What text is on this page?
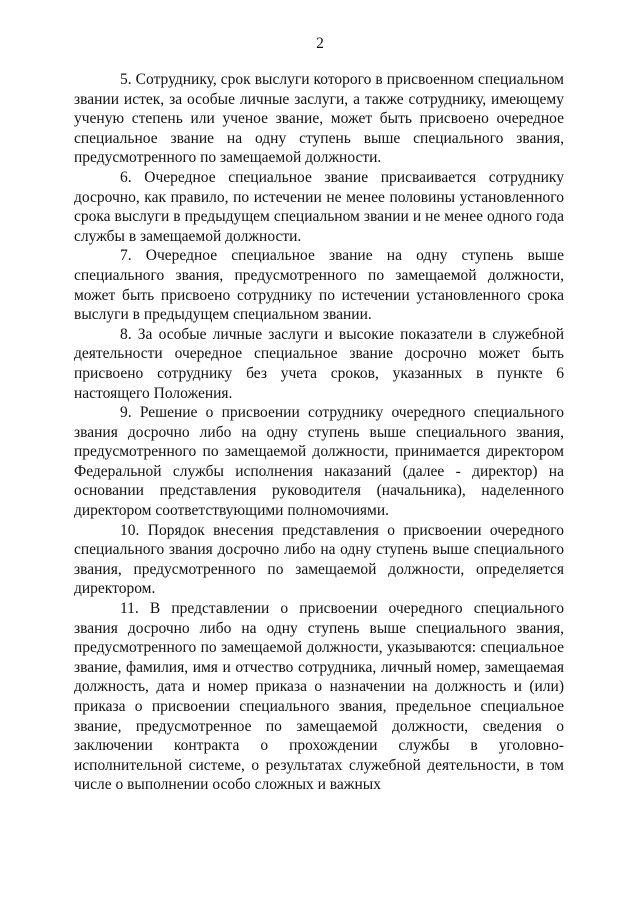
2

5. Сотруднику, срок выслуги которого в присвоенном специальном звании истек, за особые личные заслуги, а также сотруднику, имеющему ученую степень или ученое звание, может быть присвоено очередное специальное звание на одну ступень выше специального звания, предусмотренного по замещаемой должности.

6. Очередное специальное звание присваивается сотруднику досрочно, как правило, по истечении не менее половины установленного срока выслуги в предыдущем специальном звании и не менее одного года службы в замещаемой должности.

7. Очередное специальное звание на одну ступень выше специального звания, предусмотренного по замещаемой должности, может быть присвоено сотруднику по истечении установленного срока выслуги в предыдущем специальном звании.

8. За особые личные заслуги и высокие показатели в служебной деятельности очередное специальное звание досрочно может быть присвоено сотруднику без учета сроков, указанных в пункте 6 настоящего Положения.

9. Решение о присвоении сотруднику очередного специального звания досрочно либо на одну ступень выше специального звания, предусмотренного по замещаемой должности, принимается директором Федеральной службы исполнения наказаний (далее - директор) на основании представления руководителя (начальника), наделенного директором соответствующими полномочиями.

10. Порядок внесения представления о присвоении очередного специального звания досрочно либо на одну ступень выше специального звания, предусмотренного по замещаемой должности, определяется директором.

11. В представлении о присвоении очередного специального звания досрочно либо на одну ступень выше специального звания, предусмотренного по замещаемой должности, указываются: специальное звание, фамилия, имя и отчество сотрудника, личный номер, замещаемая должность, дата и номер приказа о назначении на должность и (или) приказа о присвоении специального звания, предельное специальное звание, предусмотренное по замещаемой должности, сведения о заключении контракта о прохождении службы в уголовно-исполнительной системе, о результатах служебной деятельности, в том числе о выполнении особо сложных и важных
